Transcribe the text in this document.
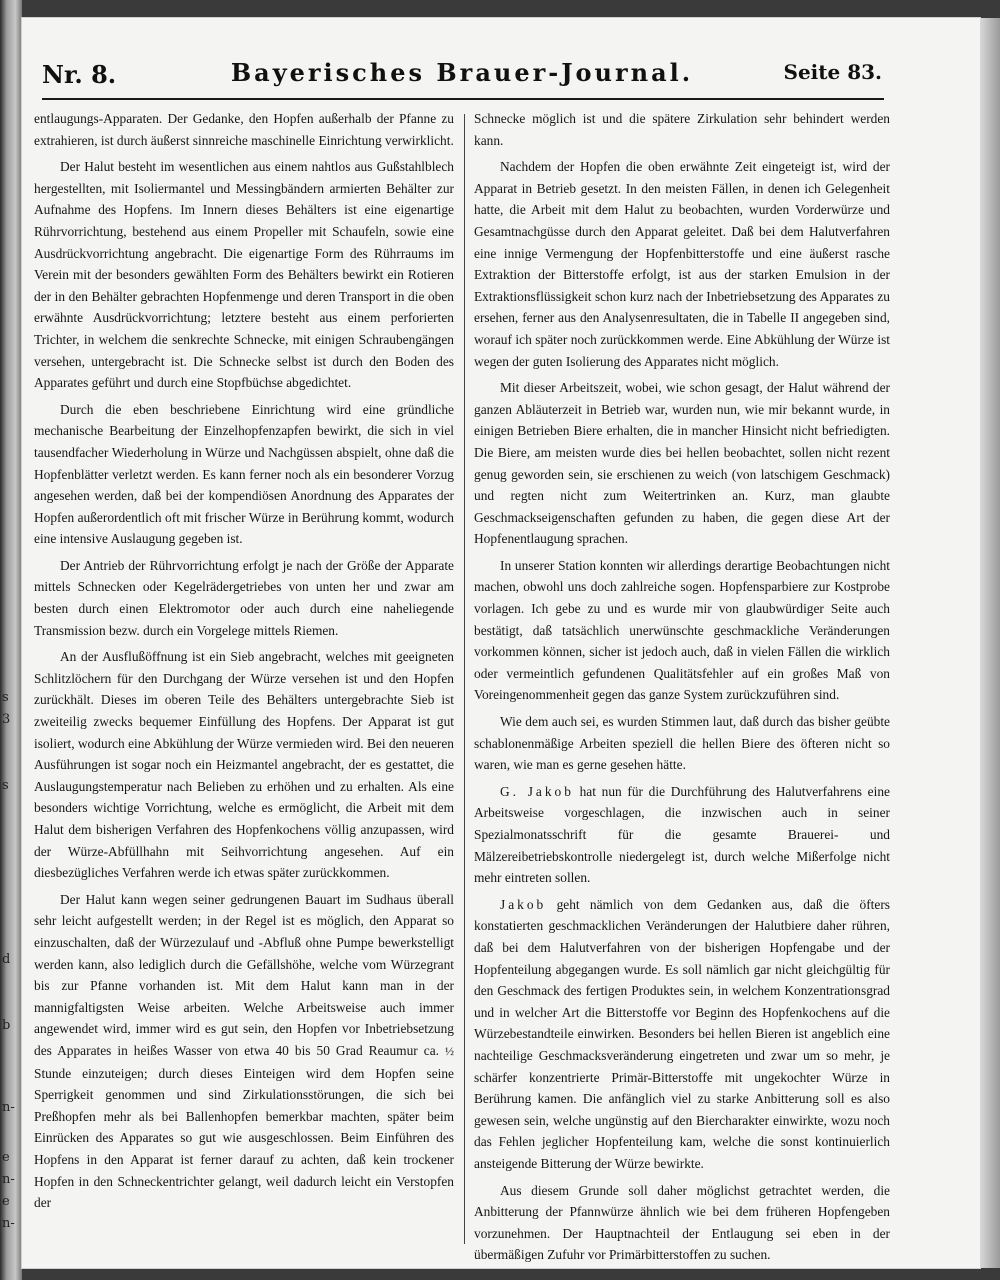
s
3
s
d
b
n-
e
n-
e
n-
Nr. 8.	Bayerisches Brauer-Journal.	Seite 83.

entlaugungs-Apparaten. Der Gedanke, den Hopfen außerhalb der Pfanne zu extrahieren, ist durch äußerst sinnreiche maschinelle Einrichtung verwirklicht.

Der Halut besteht im wesentlichen aus einem nahtlos aus Gußstahlblech hergestellten, mit Isoliermantel und Messingbändern armierten Behälter zur Aufnahme des Hopfens. Im Innern dieses Behälters ist eine eigenartige Rührvorrichtung, bestehend aus einem Propeller mit Schaufeln, sowie eine Ausdrückvorrichtung angebracht. Die eigenartige Form des Rührraums im Verein mit der besonders gewählten Form des Behälters bewirkt ein Rotieren der in den Behälter gebrachten Hopfenmenge und deren Transport in die oben erwähnte Ausdrückvorrichtung; letztere besteht aus einem perforierten Trichter, in welchem die senkrechte Schnecke, mit einigen Schraubengängen versehen, untergebracht ist. Die Schnecke selbst ist durch den Boden des Apparates geführt und durch eine Stopfbüchse abgedichtet.

Durch die eben beschriebene Einrichtung wird eine gründliche mechanische Bearbeitung der Einzelhopfenzapfen bewirkt, die sich in viel tausendfacher Wiederholung in Würze und Nachgüssen abspielt, ohne daß die Hopfenblätter verletzt werden. Es kann ferner noch als ein besonderer Vorzug angesehen werden, daß bei der kompendiösen Anordnung des Apparates der Hopfen außerordentlich oft mit frischer Würze in Berührung kommt, wodurch eine intensive Auslaugung gegeben ist.

Der Antrieb der Rührvorrichtung erfolgt je nach der Größe der Apparate mittels Schnecken oder Kegelrädergetriebes von unten her und zwar am besten durch einen Elektromotor oder auch durch eine naheliegende Transmission bezw. durch ein Vorgelege mittels Riemen.

An der Ausflußöffnung ist ein Sieb angebracht, welches mit geeigneten Schlitzlöchern für den Durchgang der Würze versehen ist und den Hopfen zurückhält. Dieses im oberen Teile des Behälters untergebrachte Sieb ist zweiteilig zwecks bequemer Einfüllung des Hopfens. Der Apparat ist gut isoliert, wodurch eine Abkühlung der Würze vermieden wird. Bei den neueren Ausführungen ist sogar noch ein Heizmantel angebracht, der es gestattet, die Auslaugungstemperatur nach Belieben zu erhöhen und zu erhalten. Als eine besonders wichtige Vorrichtung, welche es ermöglicht, die Arbeit mit dem Halut dem bisherigen Verfahren des Hopfenkochens völlig anzupassen, wird der Würze-Abfüllhahn mit Seihvorrichtung angesehen. Auf ein diesbezügliches Verfahren werde ich etwas später zurückkommen.

Der Halut kann wegen seiner gedrungenen Bauart im Sudhaus überall sehr leicht aufgestellt werden; in der Regel ist es möglich, den Apparat so einzuschalten, daß der Würzezulauf und -Abfluß ohne Pumpe bewerkstelligt werden kann, also lediglich durch die Gefällshöhe, welche vom Würzegrant bis zur Pfanne vorhanden ist. Mit dem Halut kann man in der mannigfaltigsten Weise arbeiten. Welche Arbeitsweise auch immer angewendet wird, immer wird es gut sein, den Hopfen vor Inbetriebsetzung des Apparates in heißes Wasser von etwa 40 bis 50 Grad Reaumur ca. ½ Stunde einzuteigen; durch dieses Einteigen wird dem Hopfen seine Sperrigkeit genommen und sind Zirkulationsstörungen, die sich bei Preßhopfen mehr als bei Ballenhopfen bemerkbar machten, später beim Einrücken des Apparates so gut wie ausgeschlossen. Beim Einführen des Hopfens in den Apparat ist ferner darauf zu achten, daß kein trockener Hopfen in den Schneckentrichter gelangt, weil dadurch leicht ein Verstopfen der

Schnecke möglich ist und die spätere Zirkulation sehr behindert werden kann.

Nachdem der Hopfen die oben erwähnte Zeit eingeteigt ist, wird der Apparat in Betrieb gesetzt. In den meisten Fällen, in denen ich Gelegenheit hatte, die Arbeit mit dem Halut zu beobachten, wurden Vorderwürze und Gesamtnachgüsse durch den Apparat geleitet. Daß bei dem Halutverfahren eine innige Vermengung der Hopfenbitterstoffe und eine äußerst rasche Extraktion der Bitterstoffe erfolgt, ist aus der starken Emulsion in der Extraktionsflüssigkeit schon kurz nach der Inbetriebsetzung des Apparates zu ersehen, ferner aus den Analysenresultaten, die in Tabelle II angegeben sind, worauf ich später noch zurückkommen werde. Eine Abkühlung der Würze ist wegen der guten Isolierung des Apparates nicht möglich.

Mit dieser Arbeitszeit, wobei, wie schon gesagt, der Halut während der ganzen Abläuterzeit in Betrieb war, wurden nun, wie mir bekannt wurde, in einigen Betrieben Biere erhalten, die in mancher Hinsicht nicht befriedigten. Die Biere, am meisten wurde dies bei hellen beobachtet, sollen nicht rezent genug geworden sein, sie erschienen zu weich (von latschigem Geschmack) und regten nicht zum Weitertrinken an. Kurz, man glaubte Geschmackseigenschaften gefunden zu haben, die gegen diese Art der Hopfenentlaugung sprachen.

In unserer Station konnten wir allerdings derartige Beobachtungen nicht machen, obwohl uns doch zahlreiche sogen. Hopfensparbiere zur Kostprobe vorlagen. Ich gebe zu und es wurde mir von glaubwürdiger Seite auch bestätigt, daß tatsächlich unerwünschte geschmackliche Veränderungen vorkommen können, sicher ist jedoch auch, daß in vielen Fällen die wirklich oder vermeintlich gefundenen Qualitätsfehler auf ein großes Maß von Voreingenommenheit gegen das ganze System zurückzuführen sind.

Wie dem auch sei, es wurden Stimmen laut, daß durch das bisher geübte schablonenmäßige Arbeiten speziell die hellen Biere des öfteren nicht so waren, wie man es gerne gesehen hätte.

G. Jakob hat nun für die Durchführung des Halutverfahrens eine Arbeitsweise vorgeschlagen, die inzwischen auch in seiner Spezialmonatsschrift für die gesamte Brauerei- und Mälzereibetriebskontrolle niedergelegt ist, durch welche Mißerfolge nicht mehr eintreten sollen.

Jakob geht nämlich von dem Gedanken aus, daß die öfters konstatierten geschmacklichen Veränderungen der Halutbiere daher rühren, daß bei dem Halutverfahren von der bisherigen Hopfengabe und der Hopfenteilung abgegangen wurde. Es soll nämlich gar nicht gleichgültig für den Geschmack des fertigen Produktes sein, in welchem Konzentrationsgrad und in welcher Art die Bitterstoffe vor Beginn des Hopfenkochens auf die Würzebestandteile einwirken. Besonders bei hellen Bieren ist angeblich eine nachteilige Geschmacksveränderung eingetreten und zwar um so mehr, je schärfer konzentrierte Primär-Bitterstoffe mit ungekochter Würze in Berührung kamen. Die anfänglich viel zu starke Anbitterung soll es also gewesen sein, welche ungünstig auf den Biercharakter einwirkte, wozu noch das Fehlen jeglicher Hopfenteilung kam, welche die sonst kontinuierlich ansteigende Bitterung der Würze bewirkte.

Aus diesem Grunde soll daher möglichst getrachtet werden, die Anbitterung der Pfannwürze ähnlich wie bei dem früheren Hopfengeben vorzunehmen. Der Hauptnachteil der Entlaugung sei eben in der übermäßigen Zufuhr vor Primärbitterstoffen zu suchen.
